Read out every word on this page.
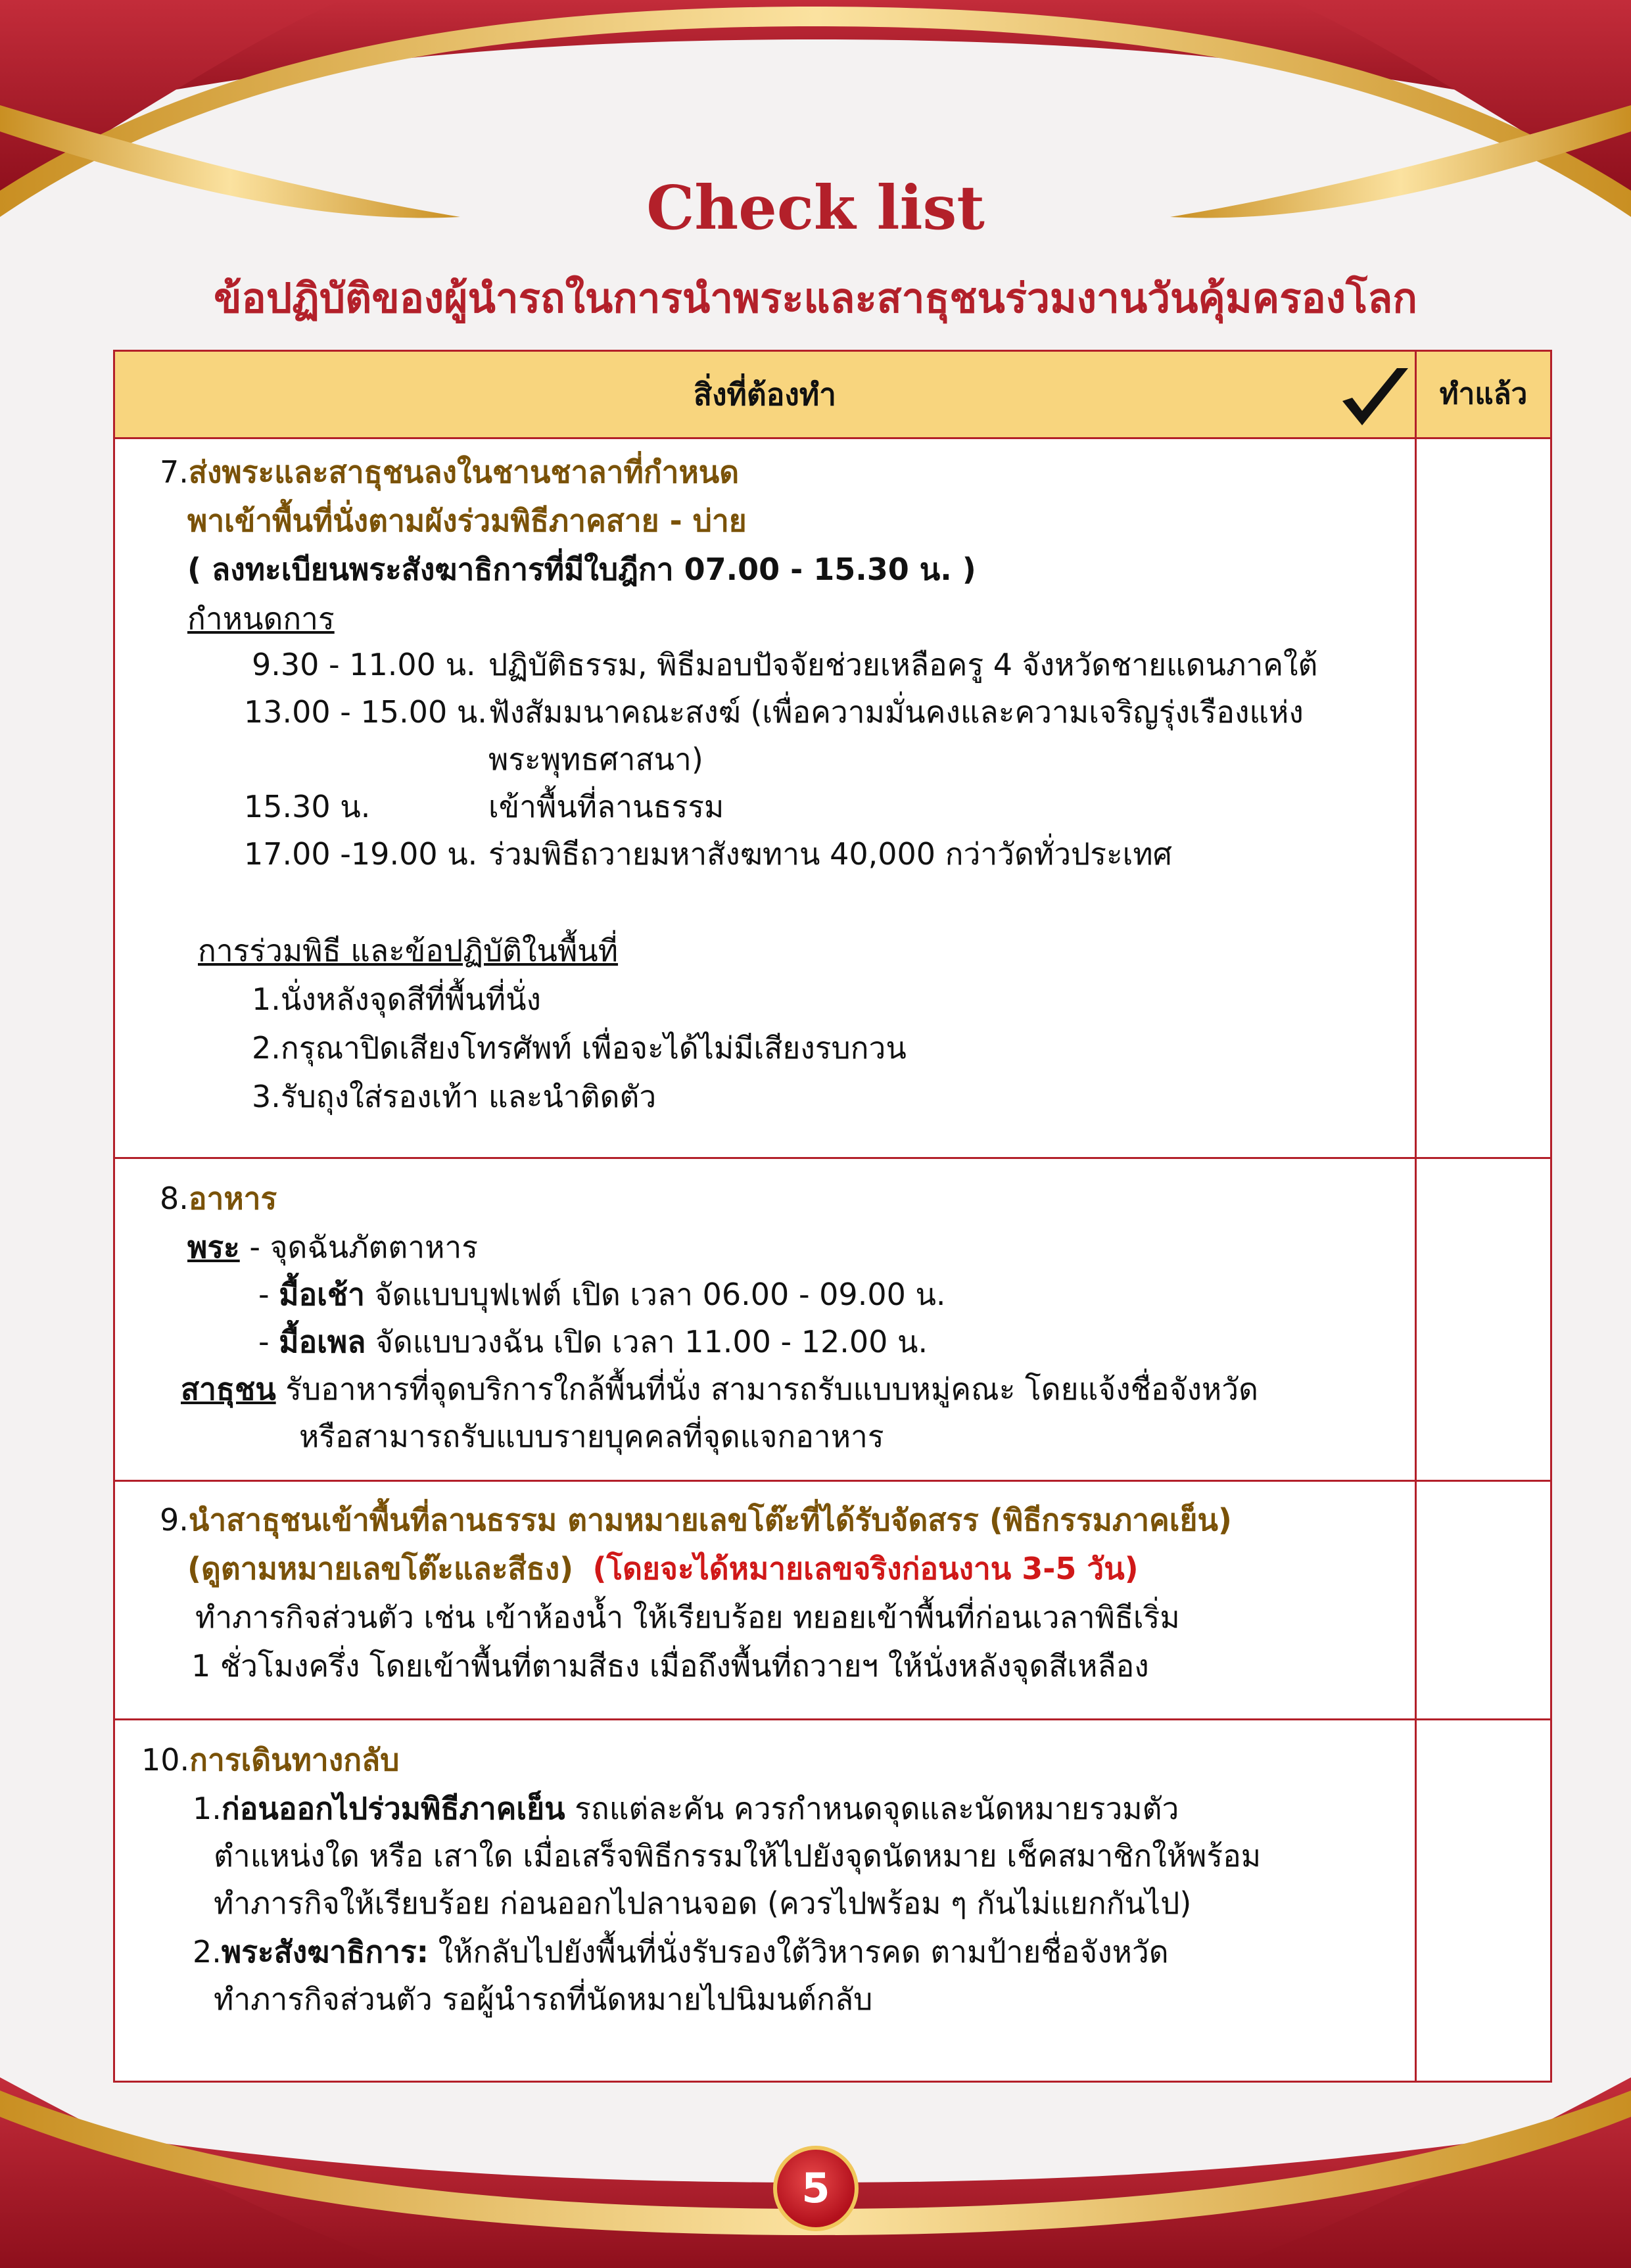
Check list
ข้อปฏิบัติของผู้นำรถในการนำพระและสาธุชนร่วมงานวันคุ้มครองโลก
สิ่งที่ต้องทำ	ทำแล้ว
7.ส่งพระและสาธุชนลงในชานชาลาที่กำหนด
พาเข้าพื้นที่นั่งตามผังร่วมพิธีภาคสาย - บ่าย
( ลงทะเบียนพระสังฆาธิการที่มีใบฎีกา 07.00 - 15.30 น. )
กำหนดการ
9.30 - 11.00 น. ปฏิบัติธรรม, พิธีมอบปัจจัยช่วยเหลือครู 4 จังหวัดชายแดนภาคใต้
13.00 - 15.00 น. ฟังสัมมนาคณะสงฆ์ (เพื่อความมั่นคงและความเจริญรุ่งเรืองแห่ง
พระพุทธศาสนา)
15.30 น.	เข้าพื้นที่ลานธรรม
17.00 -19.00 น. ร่วมพิธีถวายมหาสังฆทาน 40,000 กว่าวัดทั่วประเทศ
การร่วมพิธี และข้อปฏิบัติในพื้นที่
1.นั่งหลังจุดสีที่พื้นที่นั่ง
2.กรุณาปิดเสียงโทรศัพท์ เพื่อจะได้ไม่มีเสียงรบกวน
3.รับถุงใส่รองเท้า และนำติดตัว
8.อาหาร
พระ - จุดฉันภัตตาหาร
- มื้อเช้า จัดแบบบุฟเฟต์ เปิด เวลา 06.00 - 09.00 น.
- มื้อเพล จัดแบบวงฉัน เปิด เวลา 11.00 - 12.00 น.
สาธุชน รับอาหารที่จุดบริการใกล้พื้นที่นั่ง สามารถรับแบบหมู่คณะ โดยแจ้งชื่อจังหวัด
หรือสามารถรับแบบรายบุคคลที่จุดแจกอาหาร
9.นำสาธุชนเข้าพื้นที่ลานธรรม ตามหมายเลขโต๊ะที่ได้รับจัดสรร (พิธีกรรมภาคเย็น)
(ดูตามหมายเลขโต๊ะและสีธง) (โดยจะได้หมายเลขจริงก่อนงาน 3-5 วัน)
ทำภารกิจส่วนตัว เช่น เข้าห้องน้ำ ให้เรียบร้อย ทยอยเข้าพื้นที่ก่อนเวลาพิธีเริ่ม
1 ชั่วโมงครึ่ง โดยเข้าพื้นที่ตามสีธง เมื่อถึงพื้นที่ถวายฯ ให้นั่งหลังจุดสีเหลือง
10.การเดินทางกลับ
1.ก่อนออกไปร่วมพิธีภาคเย็น รถแต่ละคัน ควรกำหนดจุดและนัดหมายรวมตัว
ตำแหน่งใด หรือ เสาใด เมื่อเสร็จพิธีกรรมให้ไปยังจุดนัดหมาย เช็คสมาชิกให้พร้อม
ทำภารกิจให้เรียบร้อย ก่อนออกไปลานจอด (ควรไปพร้อม ๆ กันไม่แยกกันไป)
2.พระสังฆาธิการ: ให้กลับไปยังพื้นที่นั่งรับรองใต้วิหารคด ตามป้ายชื่อจังหวัด
ทำภารกิจส่วนตัว รอผู้นำรถที่นัดหมายไปนิมนต์กลับ
5
